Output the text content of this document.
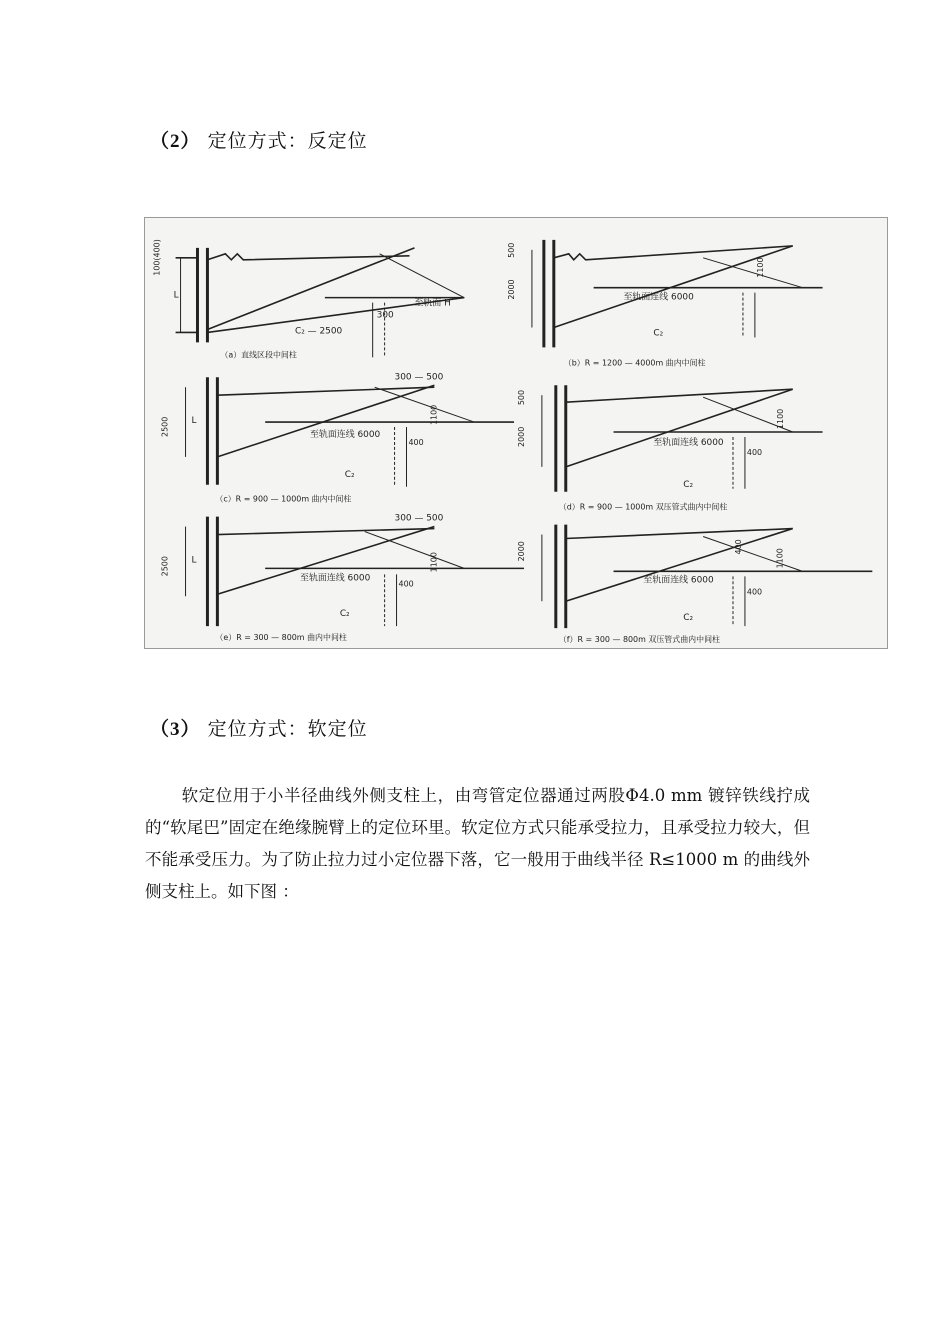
（2） 定位方式：反定位
100(400)
L
至轨面 H
300
C₂ — 2500
（a）直线区段中间柱
500
2000
1100
至轨面连线 6000
C₂
（b）R = 1200 — 4000m 曲内中间柱
2500 L
300 — 500
1100
至轨面连线 6000
400
C₂
（c）R = 900 — 1000m 曲内中间柱
500
2000
1100
至轨面连线 6000
400
C₂
（d）R = 900 — 1000m 双压管式曲内中间柱
2500 L
300 — 500
1100
至轨面连线 6000
400
C₂
（e）R = 300 — 800m 曲内中间柱
2000	400
1100
至轨面连线 6000
400
C₂
（f）R = 300 — 800m 双压管式曲内中间柱
（3） 定位方式：软定位
软定位用于小半径曲线外侧支柱上，由弯管定位器通过两股Φ4.0 mm 镀锌铁线拧成的“软尾巴”固定在绝缘腕臂上的定位环里。软定位方式只能承受拉力，且承受拉力较大，但不能承受压力。为了防止拉力过小定位器下落，它一般用于曲线半径 R≤1000 m 的曲线外侧支柱上。如下图 ：
